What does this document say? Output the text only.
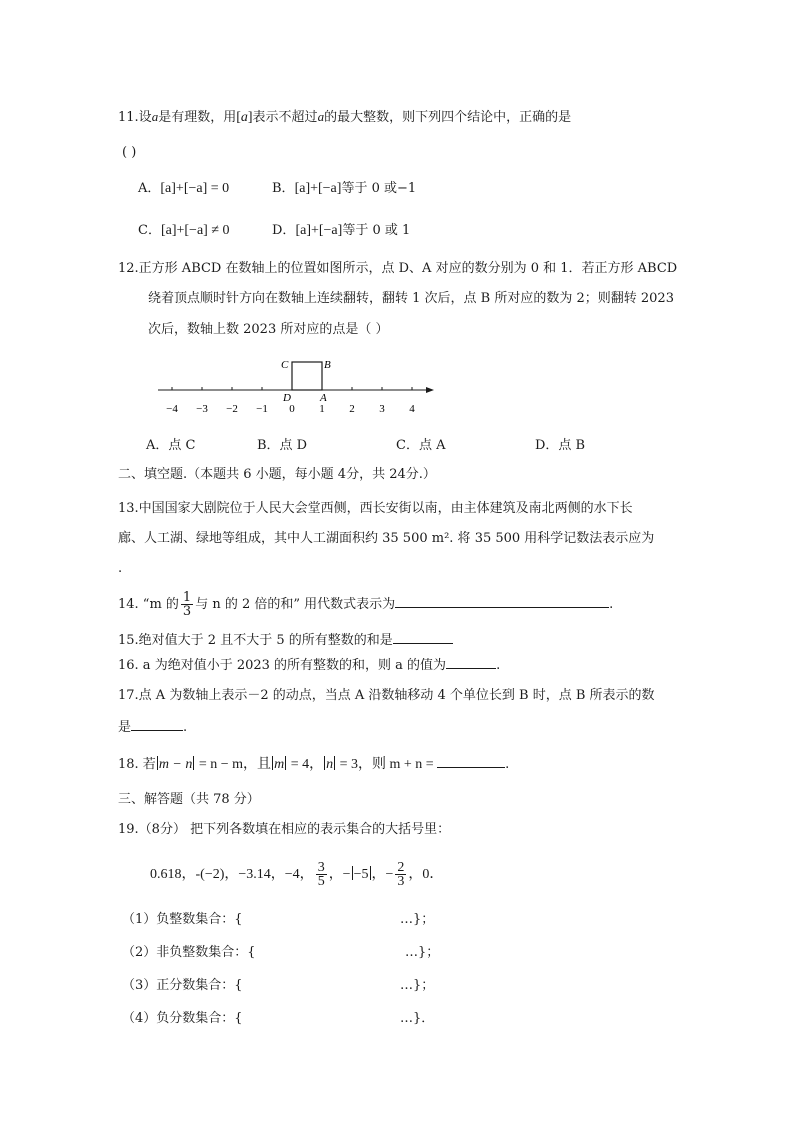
11.设a是有理数，用[a]表示不超过a的最大整数，则下列四个结论中，正确的是
( )
A．[a]+[−a] = 0	B．[a]+[−a]等于 0 或−1
C．[a]+[−a] ≠ 0	D．[a]+[−a]等于 0 或 1
12.正方形 ABCD 在数轴上的位置如图所示，点 D、A 对应的数分别为 0 和 1．若正方形 ABCD
绕着顶点顺时针方向在数轴上连续翻转，翻转 1 次后，点 B 所对应的数为 2；则翻转 2023
次后，数轴上数 2023 所对应的点是（ ）
−4 −3 −2 −1 0 1 2 3 4
C	B
D	A
A．点 C	B．点 D	C．点 A	D．点 B
二、填空题.（本题共 6 小题，每小题 4分，共 24分.）
13.中国国家大剧院位于人民大会堂西侧，西长安街以南，由主体建筑及南北两侧的水下长
廊、人工湖、绿地等组成，其中人工湖面积约 35 500 m². 将 35 500 用科学记数法表示应为
.
14. “m 的 $\frac{1}{3}$ 与 n 的 2 倍的和” 用代数式表示为	.
15.绝对值大于 2 且不大于 5 的所有整数的和是
16. a 为绝对值小于 2023 的所有整数的和，则 a 的值为	.
17.点 A 为数轴上表示－2 的动点，当点 A 沿数轴移动 4 个单位长到 B 时，点 B 所表示的数
是	.
18. 若 m − n = n − m，且 m = 4， n = 3，则 m + n =	.
三、解答题（共 78 分）
19.（8分） 把下列各数填在相应的表示集合的大括号里：
0.618，-(−2)，−3.14，−4， $\frac{3}{5}$ ，− −5 ，− $\frac{2}{3}$ ，0．
（1）负整数集合：{	…}；
（2）非负整数集合：{	…}；
（3）正分数集合：{	…}；
（4）负分数集合：{	…}．
